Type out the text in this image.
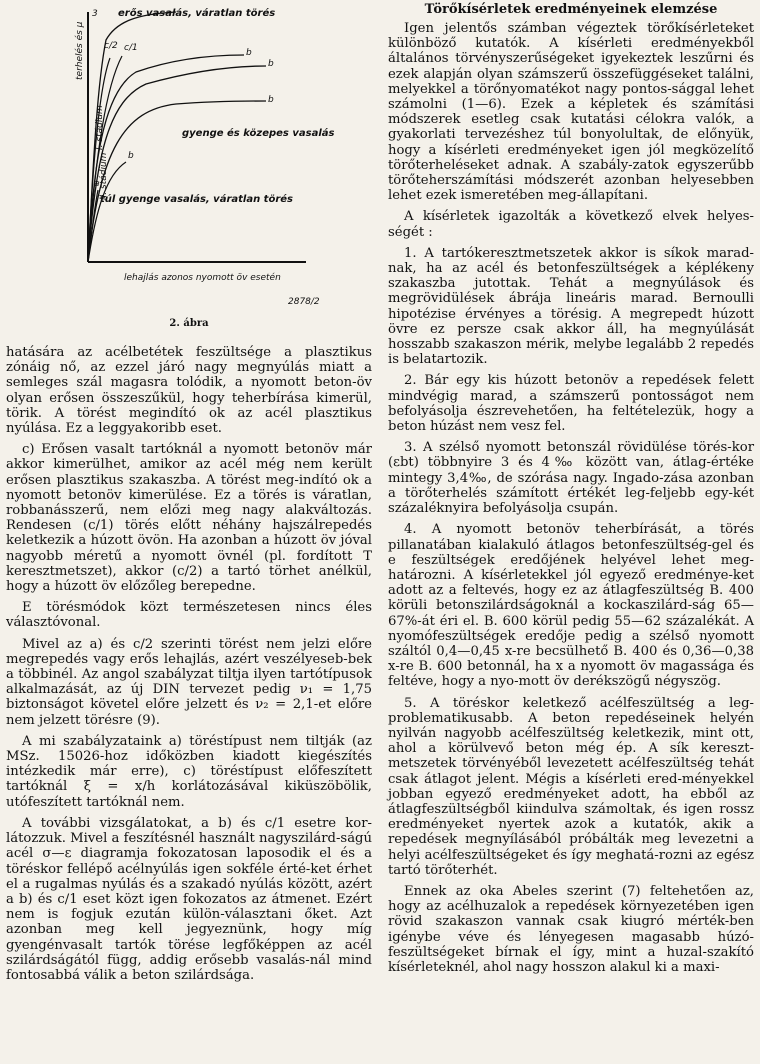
3
terhelés és µ
lehajlás azonos nyomott öv esetén
erős vasalás, váratlan törés
c/2 c/1	b
b
b
gyenge és közepes vasalás
b
I. stádium
II. stádium
a
túl gyenge vasalás, váratlan törés
2878/2
2. ábra

hatására az acélbetétek feszültsége a plasztikus zónáig nő, az ezzel járó nagy megnyúlás miatt a semleges szál magasra tolódik, a nyomott beton-öv olyan erősen összeszűkül, hogy teherbírása kimerül, törik. A törést megindító ok az acél plasztikus nyúlása. Ez a leggyakoribb eset.

c) Erősen vasalt tartóknál a nyomott betonöv már akkor kimerülhet, amikor az acél még nem került erősen plasztikus szakaszba. A törést meg-indító ok a nyomott betonöv kimerülése. Ez a törés is váratlan, robbanásszerű, nem előzi meg nagy alakváltozás. Rendesen (c/1) törés előtt néhány hajszálrepedés keletkezik a húzott övön. Ha azonban a húzott öv jóval nagyobb méretű a nyomott övnél (pl. fordított T keresztmetszet), akkor (c/2) a tartó törhet anélkül, hogy a húzott öv előzőleg berepedne.

E törésmódok közt természetesen nincs éles választóvonal.

Mivel az a) és c/2 szerinti törést nem jelzi előre megrepedés vagy erős lehajlás, azért veszélyeseb-bek a többinél. Az angol szabályzat tiltja ilyen tartótípusok alkalmazását, az új DIN tervezet pedig ν₁ = 1,75 biztonságot követel előre jelzett és ν₂ = 2,1-et előre nem jelzett törésre (9).

A mi szabályzataink a) töréstípust nem tiltják (az MSz. 15026-hoz időközben kiadott kiegészítés intézkedik már erre), c) töréstípust előfeszített tartóknál ξ = x/h korlátozásával kiküszöbölik, utófeszített tartóknál nem.

A további vizsgálatokat, a b) és c/1 esetre kor-látozzuk. Mivel a feszítésnél használt nagyszilárd-ságú acél σ—ε diagramja fokozatosan laposodik el és a töréskor fellépő acélnyúlás igen sokféle érté-ket érhet el a rugalmas nyúlás és a szakadó nyúlás között, azért a b) és c/1 eset közt igen fokozatos az átmenet. Ezért nem is fogjuk ezután külön-választani őket. Azt azonban meg kell jegyeznünk, hogy míg gyengénvasalt tartók törése legfőképpen az acél szilárdságától függ, addig erősebb vasalás-nál mind fontosabbá válik a beton szilárdsága.

Törőkísérletek eredményeinek elemzése

Igen jelentős számban végeztek törőkísérleteket különböző kutatók. A kísérleti eredményekből általános törvényszerűségeket igyekeztek leszűrni és ezek alapján olyan számszerű összefüggéseket találni, melyekkel a törőnyomatékot nagy pontos-sággal lehet számolni (1—6). Ezek a képletek és számítási módszerek esetleg csak kutatási célokra valók, a gyakorlati tervezéshez túl bonyolultak, de előnyük, hogy a kísérleti eredményeket igen jól megközelítő törőterheléseket adnak. A szabály-zatok egyszerűbb törőteherszámítási módszerét azonban helyesebben lehet ezek ismeretében meg-állapítani.

A kísérletek igazolták a következő elvek helyes-ségét :

1. A tartókeresztmetszetek akkor is síkok marad-nak, ha az acél és betonfeszültségek a képlékeny szakaszba jutottak. Tehát a megnyúlások és megrövidülések ábrája lineáris marad. Bernoulli hipotézise érvényes a törésig. A megrepedt húzott övre ez persze csak akkor áll, ha megnyúlását hosszabb szakaszon mérik, melybe legalább 2 repedés is belatartozik.

2. Bár egy kis húzott betonöv a repedések felett mindvégig marad, a számszerű pontosságot nem befolyásolja észrevehetően, ha feltételezük, hogy a beton húzást nem vesz fel.

3. A szélső nyomott betonszál rövidülése törés-kor (εbt) többnyire 3 és 4‰ között van, átlag-értéke mintegy 3,4‰, de szórása nagy. Ingado-zása azonban a törőterhelés számított értékét leg-feljebb egy-két százaléknyira befolyásolja csupán.

4. A nyomott betonöv teherbírását, a törés pillanatában kialakuló átlagos betonfeszültség-gel és e feszültségek eredőjének helyével lehet meg-határozni. A kísérletekkel jól egyező eredménye-ket adott az a feltevés, hogy ez az átlagfeszültség B. 400 körüli betonszilárdságoknál a kockaszilárd-ság 65—67%-át éri el. B. 600 körül pedig 55—62 százalékát. A nyomófeszültségek eredője pedig a szélső nyomott száltól 0,4—0,45 x-re becsülhető B. 400 és 0,36—0,38 x-re B. 600 betonnál, ha x a nyomott öv magassága és feltéve, hogy a nyo-mott öv derékszögű négyszög.

5. A töréskor keletkező acélfeszültség a leg-problematikusabb. A beton repedéseinek helyén nyilván nagyobb acélfeszültség keletkezik, mint ott, ahol a körülvevő beton még ép. A sík kereszt-metszetek törvényéből levezetett acélfeszültség tehát csak átlagot jelent. Mégis a kísérleti ered-ményekkel jobban egyező eredményeket adott, ha ebből az átlagfeszültségből kiindulva számoltak, és igen rossz eredményeket nyertek azok a kutatók, akik a repedések megnyílásából próbálták meg levezetni a helyi acélfeszültségeket és így meghatá-rozni az egész tartó törőterhét.

Ennek az oka Abeles szerint (7) feltehetően az, hogy az acélhuzalok a repedések környezetében igen rövid szakaszon vannak csak kiugró mérték-ben igénybe véve és lényegesen magasabb húzó-feszültségeket bírnak el így, mint a huzal-szakító kísérleteknél, ahol nagy hosszon alakul ki a maxi-
